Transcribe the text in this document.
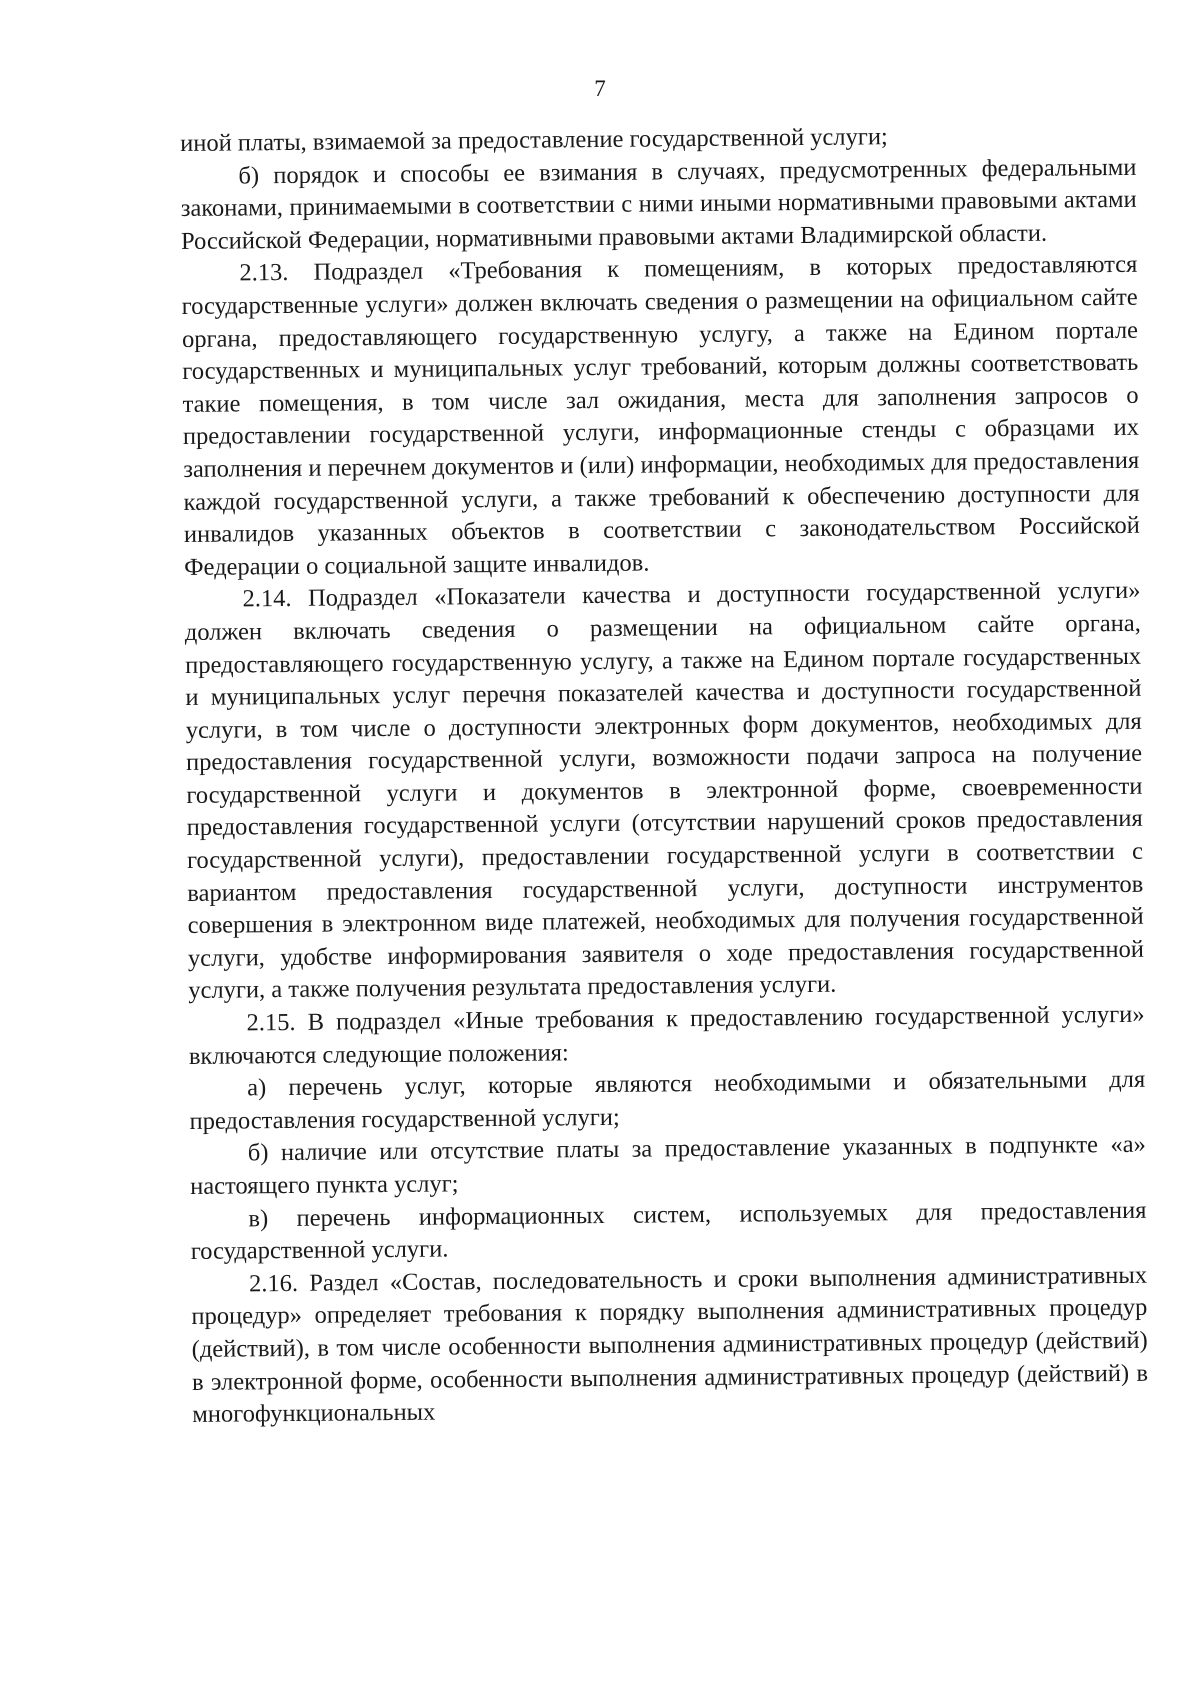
7

иной платы, взимаемой за предоставление государственной услуги;

б) порядок и способы ее взимания в случаях, предусмотренных федеральными законами, принимаемыми в соответствии с ними иными нормативными правовыми актами Российской Федерации, нормативными правовыми актами Владимирской области.

2.13. Подраздел «Требования к помещениям, в которых предоставляются государственные услуги» должен включать сведения о размещении на официальном сайте органа, предоставляющего государственную услугу, а также на Едином портале государственных и муниципальных услуг требований, которым должны соответствовать такие помещения, в том числе зал ожидания, места для заполнения запросов о предоставлении государственной услуги, информационные стенды с образцами их заполнения и перечнем документов и (или) информации, необходимых для предоставления каждой государственной услуги, а также требований к обеспечению доступности для инвалидов указанных объектов в соответствии с законодательством Российской Федерации о социальной защите инвалидов.

2.14. Подраздел «Показатели качества и доступности государственной услуги» должен включать сведения о размещении на официальном сайте органа, предоставляющего государственную услугу, а также на Едином портале государственных и муниципальных услуг перечня показателей качества и доступности государственной услуги, в том числе о доступности электронных форм документов, необходимых для предоставления государственной услуги, возможности подачи запроса на получение государственной услуги и документов в электронной форме, своевременности предоставления государственной услуги (отсутствии нарушений сроков предоставления государственной услуги), предоставлении государственной услуги в соответствии с вариантом предоставления государственной услуги, доступности инструментов совершения в электронном виде платежей, необходимых для получения государственной услуги, удобстве информирования заявителя о ходе предоставления государственной услуги, а также получения результата предоставления услуги.

2.15. В подраздел «Иные требования к предоставлению государственной услуги» включаются следующие положения:

а) перечень услуг, которые являются необходимыми и обязательными для предоставления государственной услуги;

б) наличие или отсутствие платы за предоставление указанных в подпункте «а» настоящего пункта услуг;

в) перечень информационных систем, используемых для предоставления государственной услуги.

2.16. Раздел «Состав, последовательность и сроки выполнения административных процедур» определяет требования к порядку выполнения административных процедур (действий), в том числе особенности выполнения административных процедур (действий) в электронной форме, особенности выполнения административных процедур (действий) в многофункциональных
